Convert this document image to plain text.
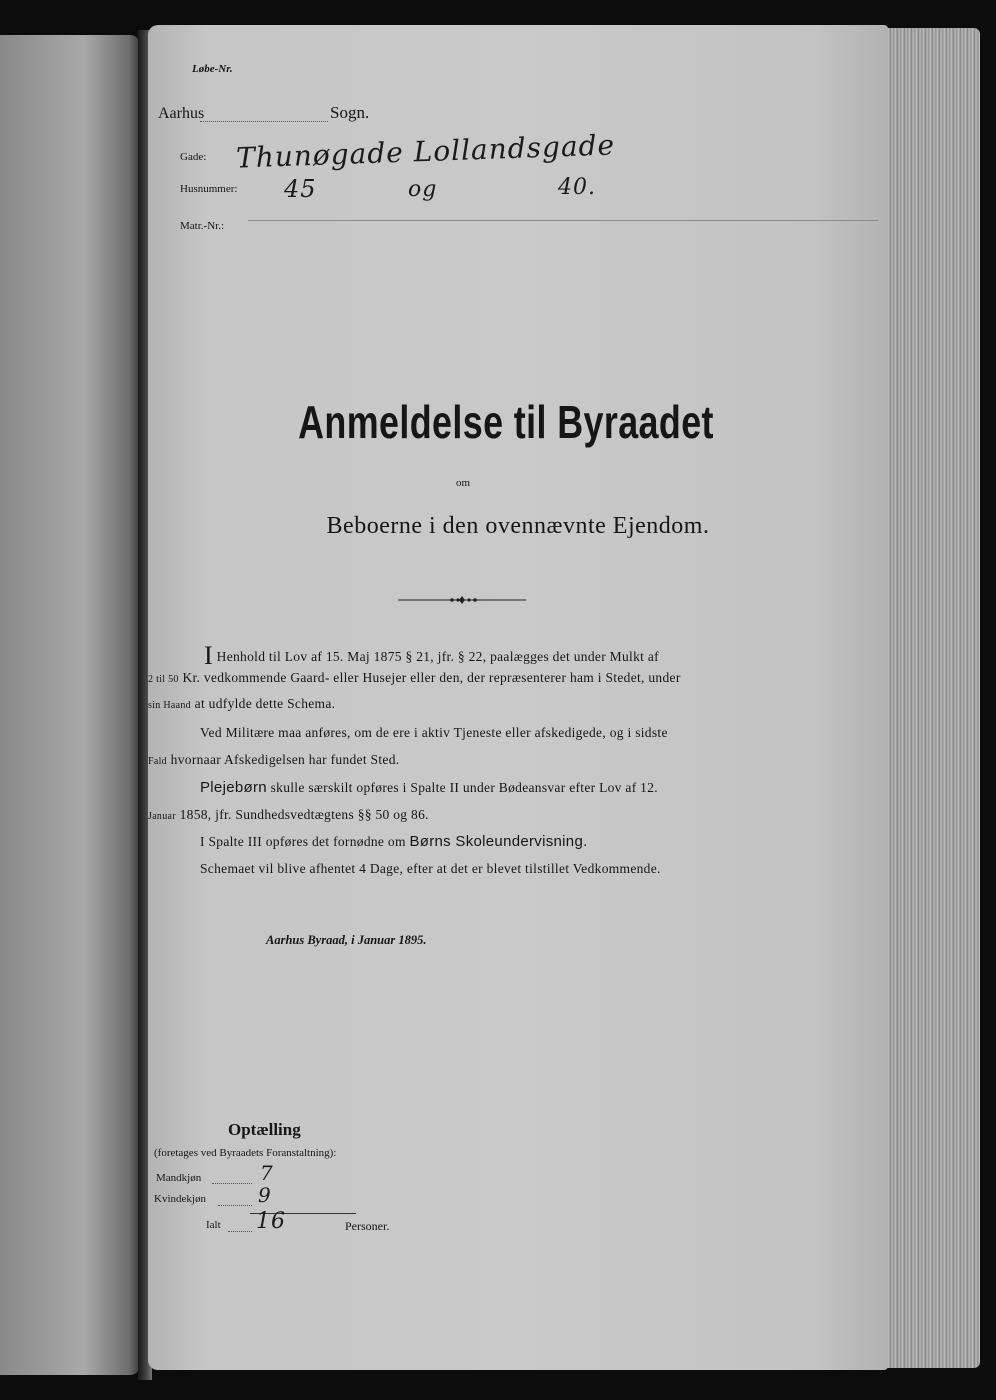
Løbe-Nr.
Aarhus	Sogn.
Gade: Thunøgade Lollandsgade
Husnummer: 45	og	40.
Matr.-Nr.:
Anmeldelse til Byraadet
om
Beboerne i den ovennævnte Ejendom.
I Henhold til Lov af 15. Maj 1875 § 21, jfr. § 22, paalægges det under Mulkt af
2 til 50 Kr. vedkommende Gaard- eller Husejer eller den, der repræsenterer ham i Stedet, under
sin Haand at udfylde dette Schema.
Ved Militære maa anføres, om de ere i aktiv Tjeneste eller afskedigede, og i sidste
Fald hvornaar Afskedigelsen har fundet Sted.
Plejebørn skulle særskilt opføres i Spalte II under Bødeansvar efter Lov af 12.
Januar 1858, jfr. Sundhedsvedtægtens §§ 50 og 86.
I Spalte III opføres det fornødne om Børns Skoleundervisning.
Schemaet vil blive afhentet 4 Dage, efter at det er blevet tilstillet Vedkommende.
Aarhus Byraad, i Januar 1895.
Optælling
(foretages ved Byraadets Foranstaltning):
Mandkjøn	7
Kvindekjøn	9
Ialt 16	Personer.
